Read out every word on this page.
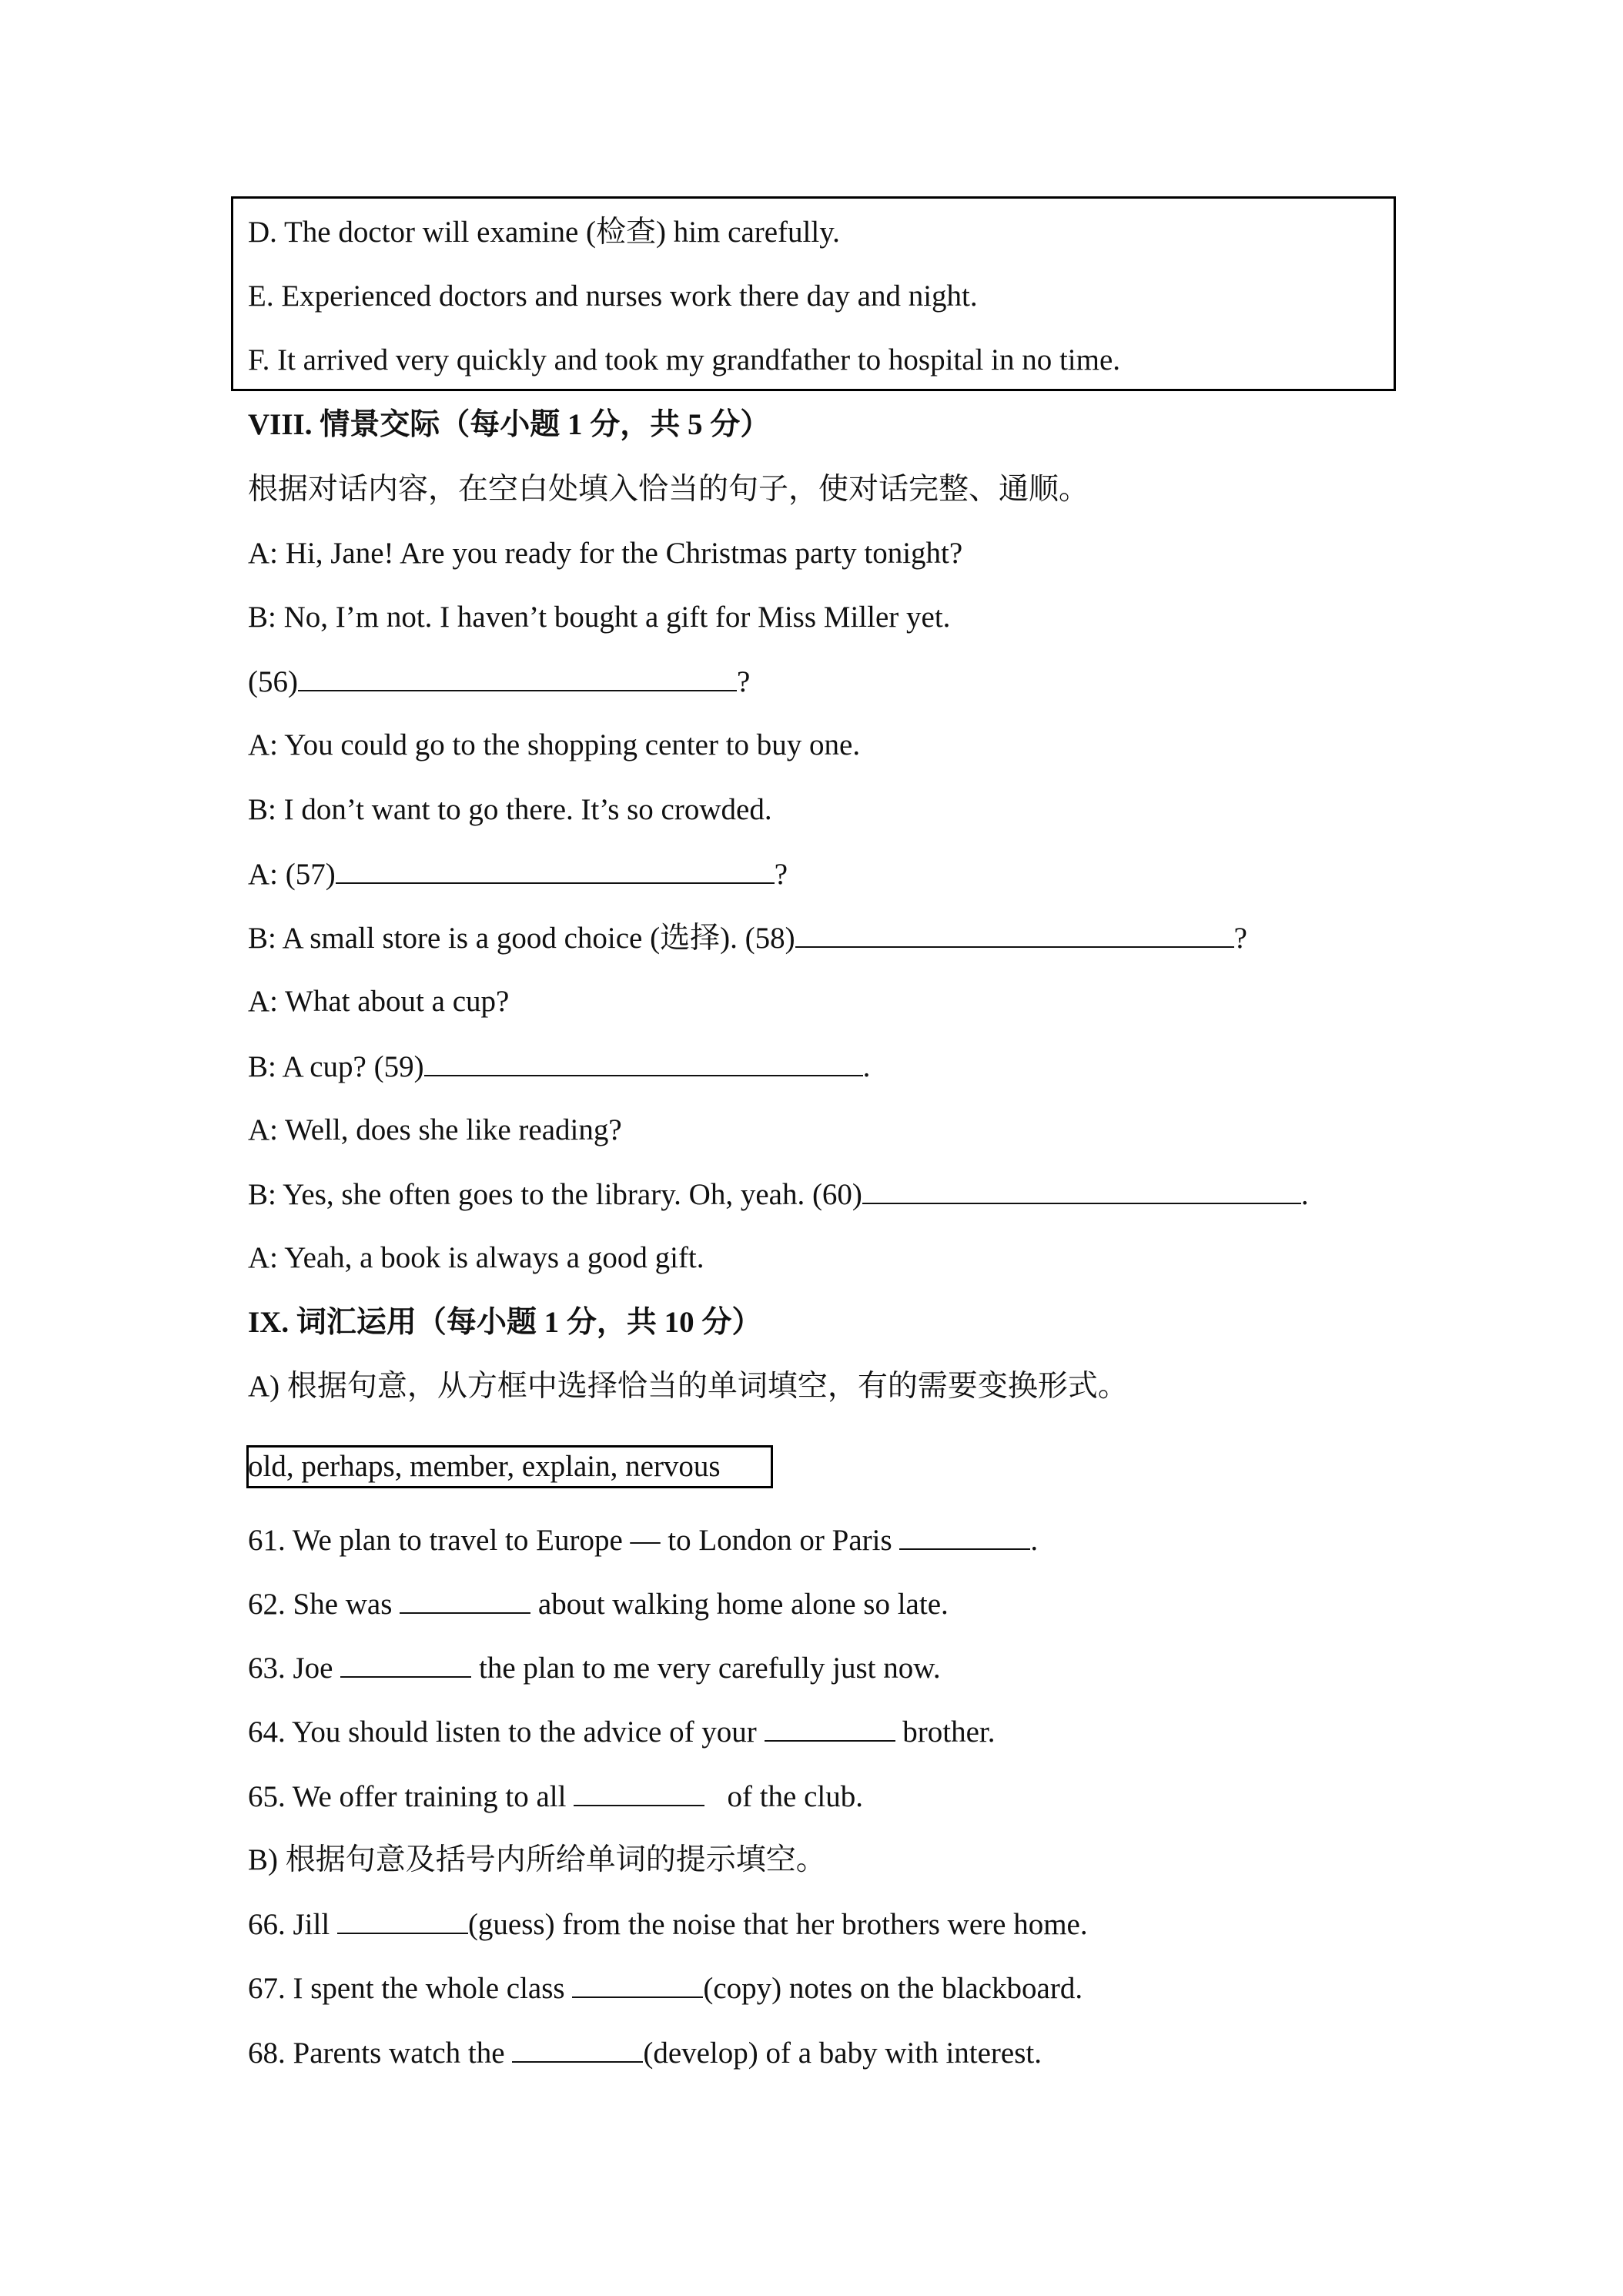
D. The doctor will examine (检查) him carefully.
E. Experienced doctors and nurses work there day and night.
F. It arrived very quickly and took my grandfather to hospital in no time.
VIII. 情景交际（每小题 1 分，共 5 分）
根据对话内容，在空白处填入恰当的句子，使对话完整、通顺。
A: Hi, Jane! Are you ready for the Christmas party tonight?
B: No, I’m not. I haven’t bought a gift for Miss Miller yet.
(56)	?
A: You could go to the shopping center to buy one.
B: I don’t want to go there. It’s so crowded.
A: (57)	?
B: A small store is a good choice (选择). (58)	?
A: What about a cup?
B: A cup? (59)	.
A: Well, does she like reading?
B: Yes, she often goes to the library. Oh, yeah. (60)	.
A: Yeah, a book is always a good gift.
IX. 词汇运用（每小题 1 分，共 10 分）
A) 根据句意，从方框中选择恰当的单词填空，有的需要变换形式。
old, perhaps, member, explain, nervous
61. We plan to travel to Europe — to London or Paris	.
62. She was	about walking home alone so late.
63. Joe	the plan to me very carefully just now.
64. You should listen to the advice of your	brother.
65. We offer training to all	of the club.
B) 根据句意及括号内所给单词的提示填空。
66. Jill	(guess) from the noise that her brothers were home.
67. I spent the whole class	(copy) notes on the blackboard.
68. Parents watch the	(develop) of a baby with interest.
